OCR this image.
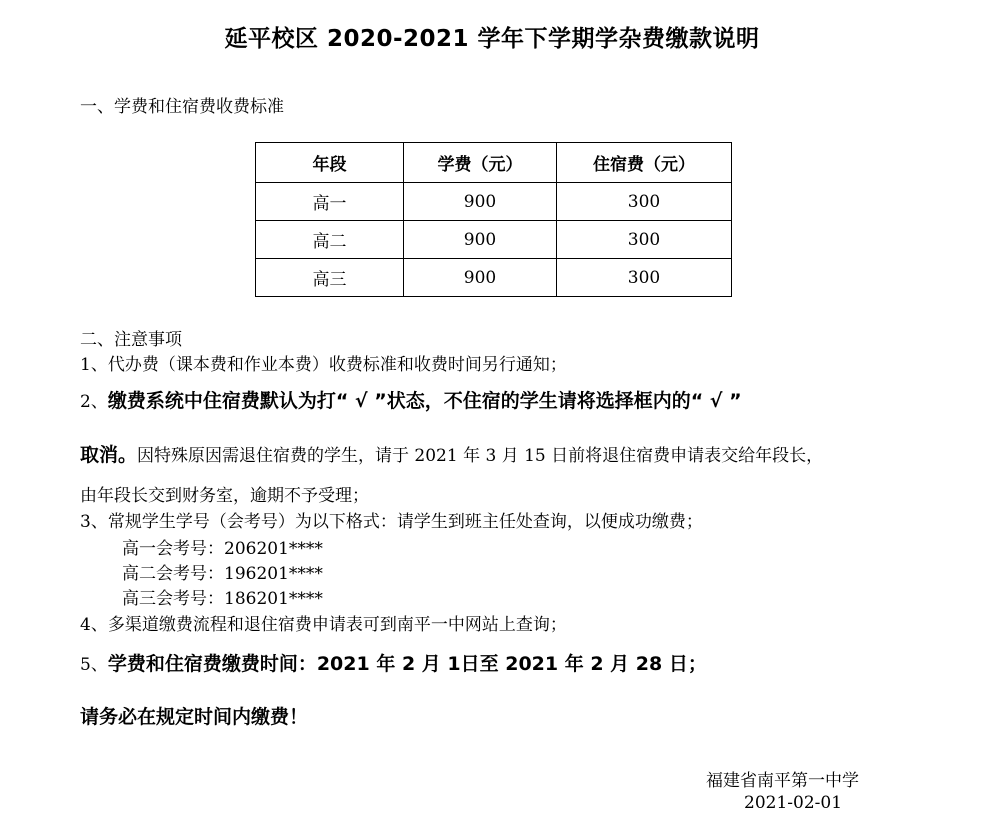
延平校区 2020-2021 学年下学期学杂费缴款说明
一、学费和住宿费收费标准
年段	学费（元）	住宿费（元）
高一	900	300
高二	900	300
高三	900	300
二、注意事项
1、代办费（课本费和作业本费）收费标准和收费时间另行通知；
2、缴费系统中住宿费默认为打“ √ ”状态，不住宿的学生请将选择框内的“ √ ”
取消。因特殊原因需退住宿费的学生，请于 2021 年 3 月 15 日前将退住宿费申请表交给年段长，
由年段长交到财务室，逾期不予受理；
3、常规学生学号（会考号）为以下格式：请学生到班主任处查询，以便成功缴费；
高一会考号：206201****
高二会考号：196201****
高三会考号：186201****
4、多渠道缴费流程和退住宿费申请表可到南平一中网站上查询；
5、学费和住宿费缴费时间：2021 年 2 月 1日至 2021 年 2 月 28 日；
请务必在规定时间内缴费！
福建省南平第一中学
2021-02-01
